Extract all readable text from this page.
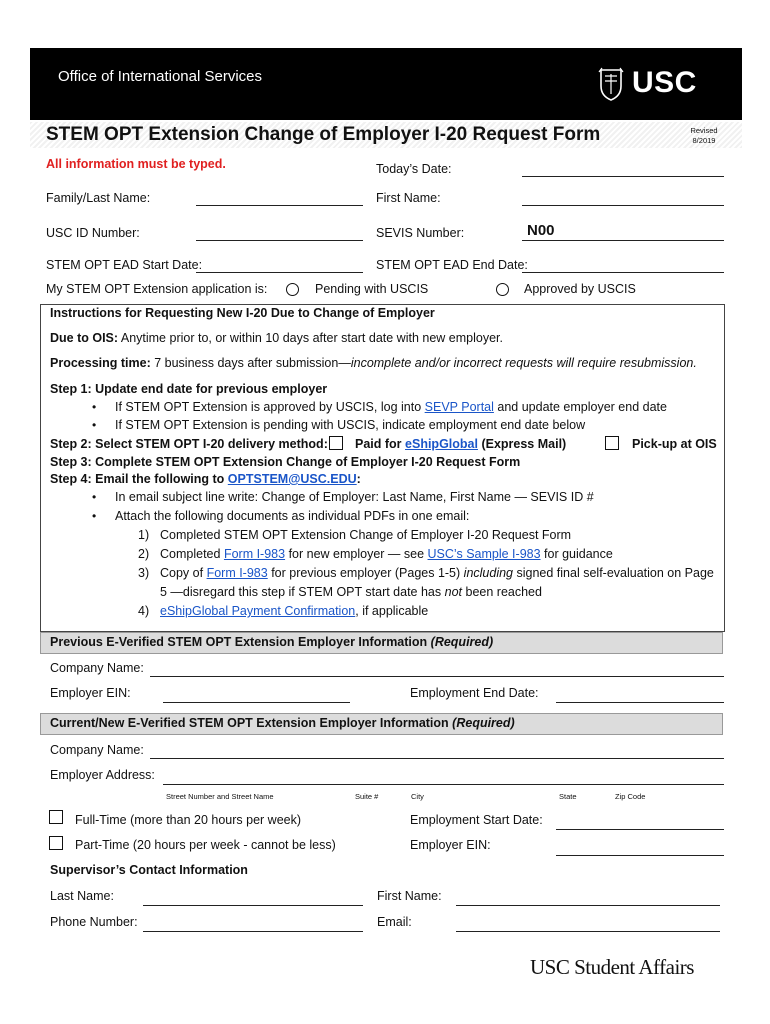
Office of International Services	USC
STEM OPT Extension Change of Employer I-20 Request Form	Revised
8/2019
All information must be typed.	Today’s Date:
Family/Last Name:	First Name:
USC ID Number:	SEVIS Number:	N00
STEM OPT EAD Start Date:	STEM OPT EAD End Date:
My STEM OPT Extension application is:	Pending with USCIS	Approved by USCIS
Instructions for Requesting New I-20 Due to Change of Employer
Due to OIS: Anytime prior to, or within 10 days after start date with new employer.
Processing time: 7 business days after submission—incomplete and/or incorrect requests will require resubmission.
Step 1: Update end date for previous employer
• If STEM OPT Extension is approved by USCIS, log into SEVP Portal and update employer end date
• If STEM OPT Extension is pending with USCIS, indicate employment end date below
Step 2: Select STEM OPT I-20 delivery method: Paid for eShipGlobal (Express Mail)	Pick-up at OIS
Step 3: Complete STEM OPT Extension Change of Employer I-20 Request Form
Step 4: Email the following to OPTSTEM@USC.EDU:
• In email subject line write: Change of Employer: Last Name, First Name — SEVIS ID #
• Attach the following documents as individual PDFs in one email:
1) Completed STEM OPT Extension Change of Employer I-20 Request Form
2) Completed Form I-983 for new employer — see USC’s Sample I-983 for guidance
3) Copy of Form I-983 for previous employer (Pages 1-5) including signed final self-evaluation on Page
5 —disregard this step if STEM OPT start date has not been reached
4) eShipGlobal Payment Confirmation, if applicable
Previous E-Verified STEM OPT Extension Employer Information (Required)
Company Name:
Employer EIN:	Employment End Date:
Current/New E-Verified STEM OPT Extension Employer Information (Required)
Company Name:
Employer Address:
Street Number and Street Name	Suite #	City	State	Zip Code
Full-Time (more than 20 hours per week)	Employment Start Date:
Part-Time (20 hours per week - cannot be less)	Employer EIN:
Supervisor’s Contact Information
Last Name:	First Name:
Phone Number:	Email:
USC Student Affairs
